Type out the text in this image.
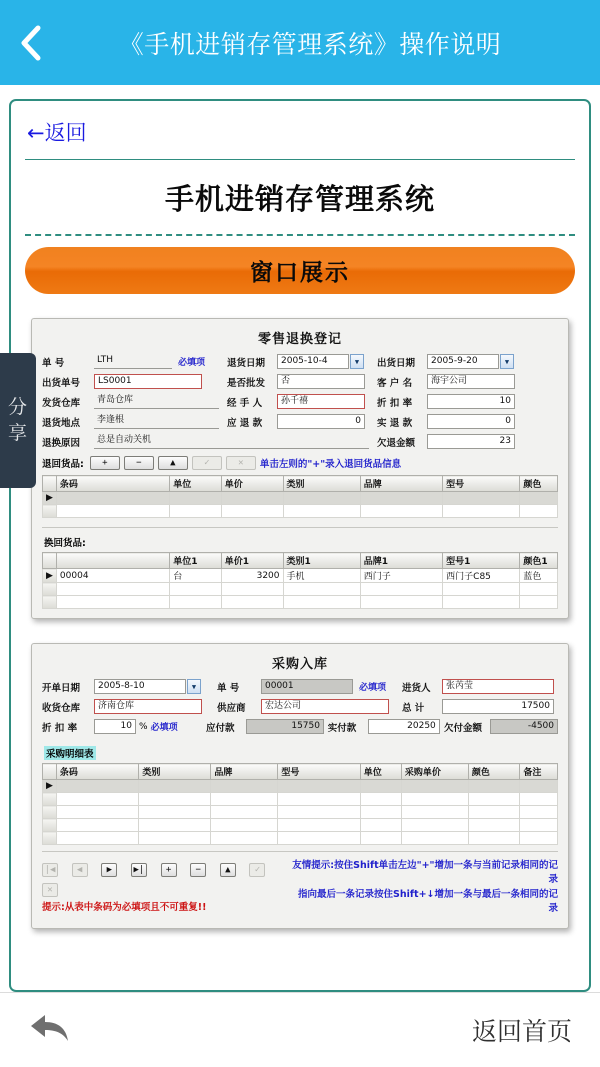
《手机进销存管理系统》操作说明
分
享
←返回
手机进销存管理系统
窗口展示
零售退换登记
单 号	LTH	必填项 退货日期	2005-10-4	▼	出货日期	2005-9-20	▼
出货单号	LS0001	是否批发	否	客 户 名	海宇公司
发货仓库	青岛仓库	经 手 人	孙千禧	折 扣 率	10
退货地点	李逢根	应 退 款	0	实 退 款	0
退换原因	总是自动关机	欠退金额	23
退回货品:	+	−	▲	✓	✕	单击左则的"+"录入退回货品信息
	条码	单位	单价	类别	品牌	型号	颜色
▶							

换回货品:
		单位1	单价1	类别1	品牌1	型号1	颜色1
▶	00004	台	3200	手机	西门子	西门子C85	蓝色

采购入库
开单日期	2005-8-10	▼	单 号	00001	必填项 进货人	张芮莹
收货仓库	济南仓库	供应商	宏达公司	总 计	17500
折 扣 率	10 % 必填项	应付款	15750 实付款	20250 欠付金额	-4500
采购明细表
	条码	类别	品牌	型号	单位	采购单价	颜色	备注
▶								

|◀ ◀	▶ ▶| +	−	▲	✓ ✕
提示:从表中条码为必填项且不可重复!!
友情提示:按住Shift单击左边"+"增加一条与当前记录相同的记录
指向最后一条记录按住Shift+↓增加一条与最后一条相同的记录
返回首页
